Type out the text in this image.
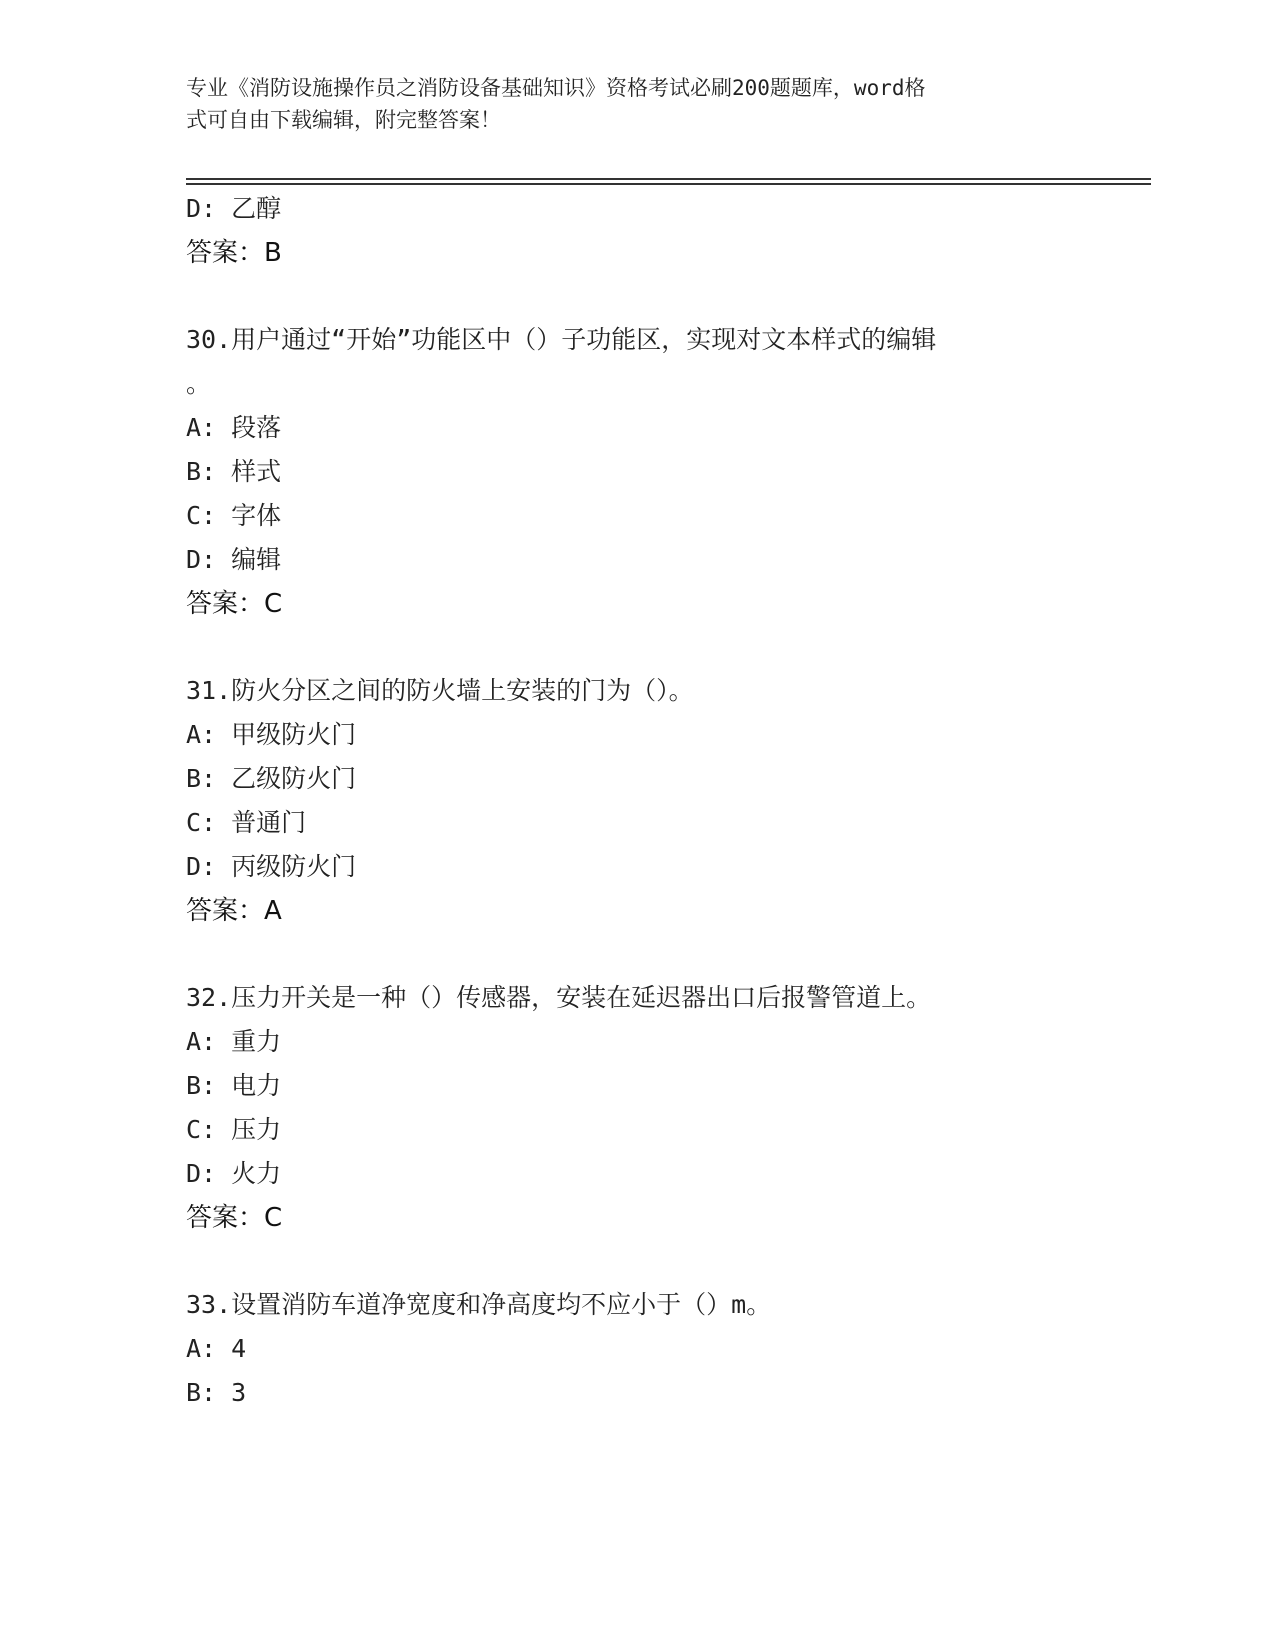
专业《消防设施操作员之消防设备基础知识》资格考试必刷200题题库，word格
式可自由下载编辑，附完整答案！
D: 乙醇
答案：B
30.用户通过“开始”功能区中（）子功能区，实现对文本样式的编辑
。
A: 段落
B: 样式
C: 字体
D: 编辑
答案：C
31.防火分区之间的防火墙上安装的门为（）。
A: 甲级防火门
B: 乙级防火门
C: 普通门
D: 丙级防火门
答案：A
32.压力开关是一种（）传感器，安装在延迟器出口后报警管道上。
A: 重力
B: 电力
C: 压力
D: 火力
答案：C
33.设置消防车道净宽度和净高度均不应小于（）m。
A: 4
B: 3
